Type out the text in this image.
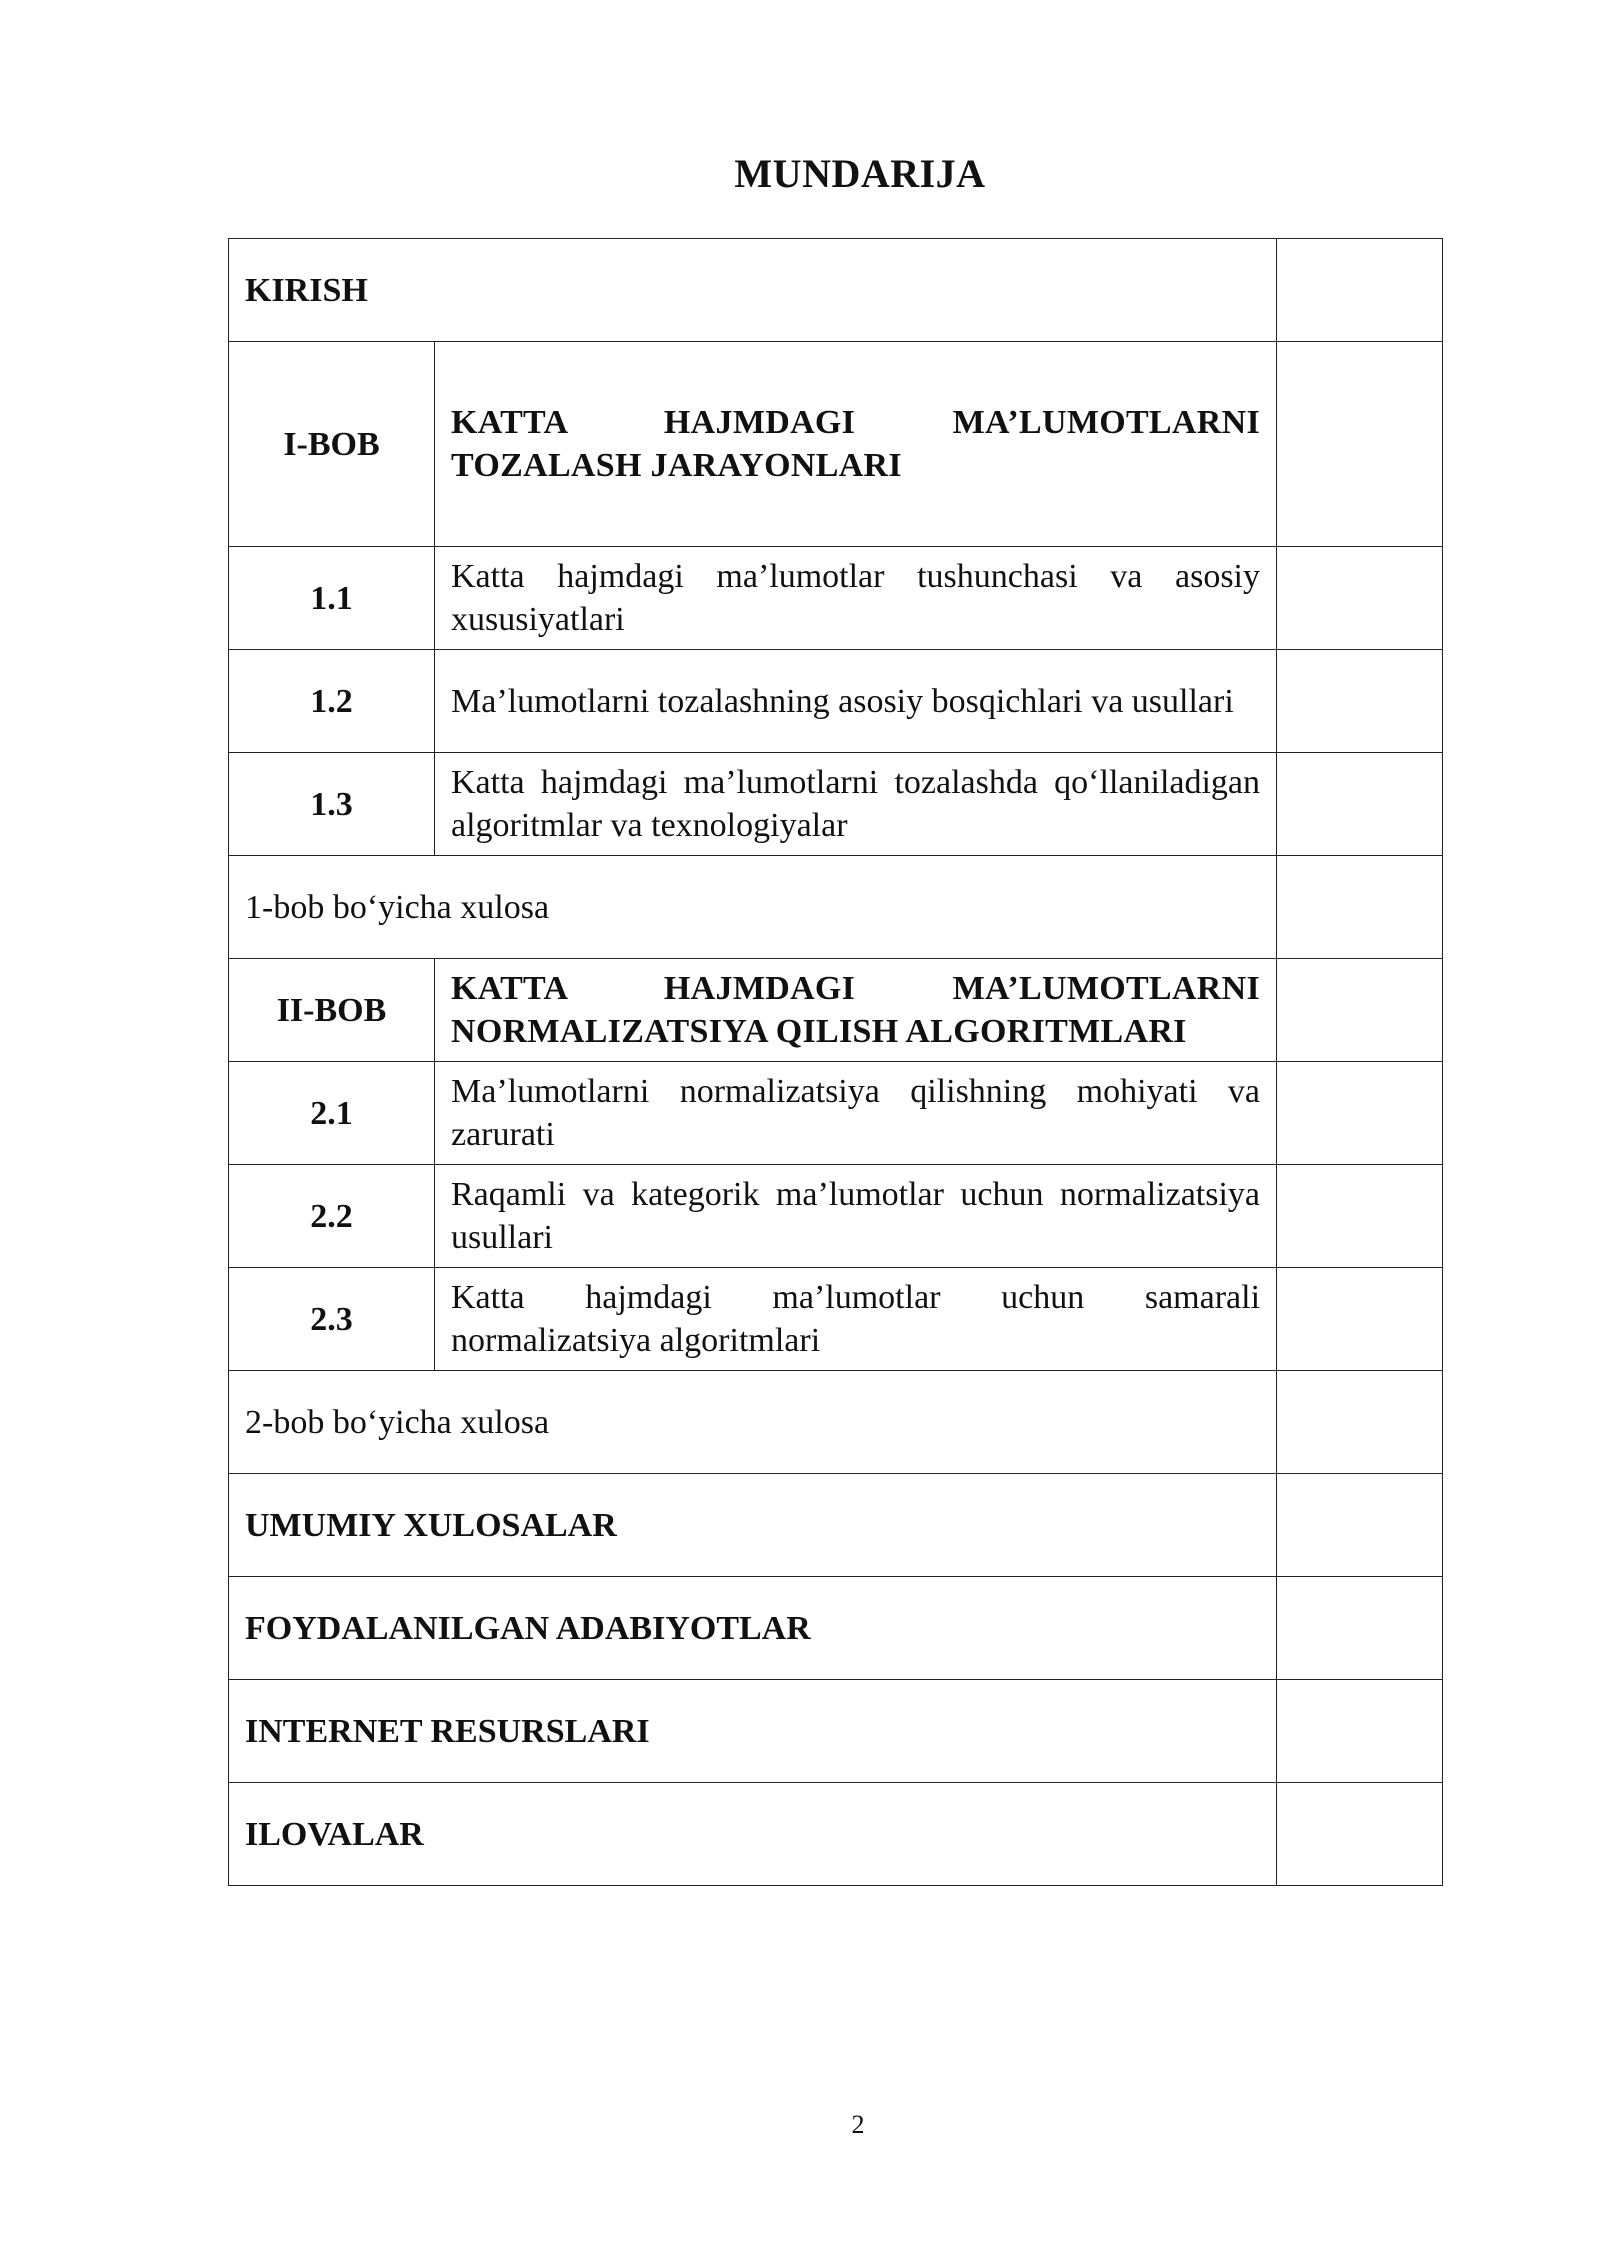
MUNDARIJA
KIRISH		
I-BOB	KATTA HAJMDAGI MA’LUMOTLARNI TOZALASH JARAYONLARI	
1.1	Katta hajmdagi ma’lumotlar tushunchasi va asosiy xususiyatlari	
1.2	Ma’lumotlarni tozalashning asosiy bosqichlari va usullari	
1.3	Katta hajmdagi ma’lumotlarni tozalashda qo‘llaniladigan algoritmlar va texnologiyalar	
1-bob bo‘yicha xulosa		
II-BOB	KATTA HAJMDAGI MA’LUMOTLARNI NORMALIZATSIYA QILISH ALGORITMLARI	
2.1	Ma’lumotlarni normalizatsiya qilishning mohiyati va zarurati	
2.2	Raqamli va kategorik ma’lumotlar uchun normalizatsiya usullari	
2.3	Katta hajmdagi ma’lumotlar uchun samarali normalizatsiya algoritmlari	
2-bob bo‘yicha xulosa		
UMUMIY XULOSALAR		
FOYDALANILGAN ADABIYOTLAR		
INTERNET RESURSLARI		
ILOVALAR		
2
